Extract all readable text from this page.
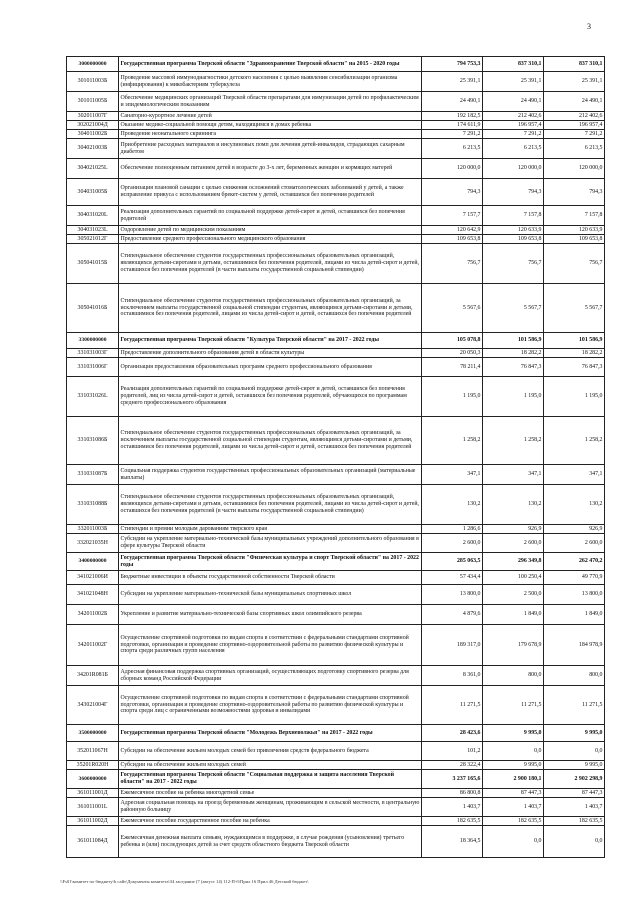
3
3000000000	Государственная программа Тверской области "Здравоохранение Тверской области" на 2015 - 2020 годы	794 753,3	837 310,1	837 310,1
301011003Б	Проведение массовой иммунодиагностики детского населения с целью выявления сенсибилизации организма (инфицирования) к микобактериям туберкулеза	25 391,1	25 391,1	25 391,1
301011005Б	Обеспечение медицинских организаций Тверской области препаратами для иммунизации детей по профилактическим и эпидемиологическим показаниям	24 490,1	24 490,1	24 490,1
302011007Г	Санаторно-курортное лечение детей	192 182,5	212 402,6	212 402,6
302021004Д	Оказание медико-социальной помощи детям, находящимся в домах ребенка	174 611,9	196 957,4	196 957,4
304011002Б	Проведение неонатального скрининга	7 291,2	7 291,2	7 291,2
304021003Б	Приобретение расходных материалов и инсулиновых помп для лечения детей-инвалидов, страдающих сахарным диабетом	6 213,5	6 213,5	6 213,5
304021025L	Обеспечение полноценным питанием детей в возрасте до 3-х лет, беременных женщин и кормящих матерей	120 000,0	120 000,0	120 000,0
304031005Б	Организация плановой санации с целью снижения осложнений стоматологических заболеваний у детей, а также исправление прикуса с использованием брекет-систем у детей, оставшихся без попечения родителей	794,3	794,3	794,3
304031020L	Реализация дополнительных гарантий по социальной поддержке детей-сирот и детей, оставшихся без попечения родителей	7 157,7	7 157,8	7 157,8
304031023L	Оздоровление детей по медицинским показаниям	120 642,9	120 633,9	120 633,9
305021012Г	Предоставление среднего профессионального медицинского образования	109 653,8	109 653,8	109 653,8
305041015Б	Стипендиальное обеспечение студентов государственных профессиональных образовательных организаций, являющихся детьми-сиротами и детьми, оставшимися без попечения родителей, лицами из числа детей-сирот и детей, оставшихся без попечения родителей (в части выплаты государственной социальной стипендии)	756,7	756,7	756,7
305041016Б	Стипендиальное обеспечение студентов государственных профессиональных образовательных организаций, за исключением выплаты государственной социальной стипендии студентам, являющимся детьми-сиротами и детьми, оставшимися без попечения родителей, лицами из числа детей-сирот и детей, оставшихся без попечения родителей	5 567,6	5 567,7	5 567,7
3300000000	Государственная программа Тверской области "Культура Тверской области" на 2017 - 2022 годы	105 078,8	101 586,9	101 586,9
331031003Г	Предоставление дополнительного образования детей в области культуры	20 050,3	18 282,2	18 282,2
331031006Г	Организация предоставления образовательных программ среднего профессионального образования	78 211,4	76 847,3	76 847,3
331031026L	Реализация дополнительных гарантий по социальной поддержке детей-сирот и детей, оставшихся без попечения родителей, лиц из числа детей-сирот и детей, оставшихся без попечения родителей, обучающихся по программам среднего профессионального образования	1 195,0	1 195,0	1 195,0
331031086Б	Стипендиальное обеспечение студентов государственных профессиональных образовательных организаций, за исключением выплаты государственной социальной стипендии студентам, являющимся детьми-сиротами и детьми, оставшимися без попечения родителей, лицами из числа детей-сирот и детей, оставшихся без попечения родителей	1 258,2	1 258,2	1 258,2
331031087Б	Социальная поддержка студентов государственных профессиональных образовательных организаций (материальные выплаты)	347,1	347,1	347,1
331031088Б	Стипендиальное обеспечение студентов государственных профессиональных образовательных организаций, являющихся детьми-сиротами и детьми, оставшимися без попечения родителей, лицами из числа детей-сирот и детей, оставшихся без попечения родителей (в части выплаты государственной социальной стипендии)	130,2	130,2	130,2
332011003Б	Стипендии и премии молодым дарованиям тверского края	1 286,6	926,9	926,9
332021035Н	Субсидии на укрепление материально-технической базы муниципальных учреждений дополнительного образования в сфере культуры Тверской области	2 600,0	2 600,0	2 600,0
3400000000	Государственная программа Тверской области "Физическая культура и спорт Тверской области" на 2017 - 2022 годы	285 063,5	296 349,8	262 470,2
341021006И	Бюджетные инвестиции в объекты государственной собственности Тверской области	57 434,4	100 250,4	49 770,9
341021048Н	Субсидии на укрепление материально-технической базы муниципальных спортивных школ	13 800,0	2 500,0	13 800,0
342011002Б	Укрепление и развитие материально-технической базы спортивных школ олимпийского резерва	4 879,6	1 849,0	1 849,0
342011002Г	Осуществление спортивной подготовки по видам спорта в соответствии с федеральными стандартами спортивной подготовки, организация и проведение спортивно-оздоровительной работы по развитию физической культуры и спорта среди различных групп населения	189 317,0	179 678,9	184 978,9
34201R081Б	Адресная финансовая поддержка спортивных организаций, осуществляющих подготовку спортивного резерва для сборных команд Российской Федерации	8 361,0	800,0	800,0
343021004Г	Осуществление спортивной подготовки по видам спорта в соответствии с федеральными стандартами спортивной подготовки, организация и проведение спортивно-оздоровительной работы по развитию физической культуры и спорта среди лиц с ограниченными возможностями здоровья и инвалидами	11 271,5	11 271,5	11 271,5
3500000000	Государственная программа Тверской области "Молодежь Верхневолжья" на 2017 - 2022 годы	28 423,6	9 995,0	9 995,0
352011067Н	Субсидии на обеспечение жильем молодых семей без привлечения средств федерального бюджета	101,2	0,0	0,0
35201R020Н	Субсидии на обеспечение жильем молодых семей	28 322,4	9 995,0	9 995,0
3600000000	Государственная программа Тверской области "Социальная поддержка и защита населения Тверской области" на 2017 - 2022 годы	3 237 165,6	2 900 180,1	2 902 298,9
361011001Д	Ежемесячное пособие на ребенка многодетной семье	86 800,8	87 447,3	87 447,3
361011001L	Адресная социальная помощь на проезд беременным женщинам, проживающим в сельской местности, в центральную районную больницу	1 403,7	1 403,7	1 403,7
361011002Д	Ежемесячное пособие государственное пособие на ребенка	182 635,5	182 635,5	182 635,5
361011084Д	Ежемесячная денежная выплата семьям, нуждающимся в поддержке, в случае рождения (усыновления) третьего ребенка и (или) последующих детей за счет средств областного бюджета Тверской области	18 364,5	0,0	0,0
\\Fs01\комитет по бюджету\b сайт\Документы комитета\34 заседание (7 (август 14) 112-П-б\Прил 16 Прил 46 Детский бюджет\
